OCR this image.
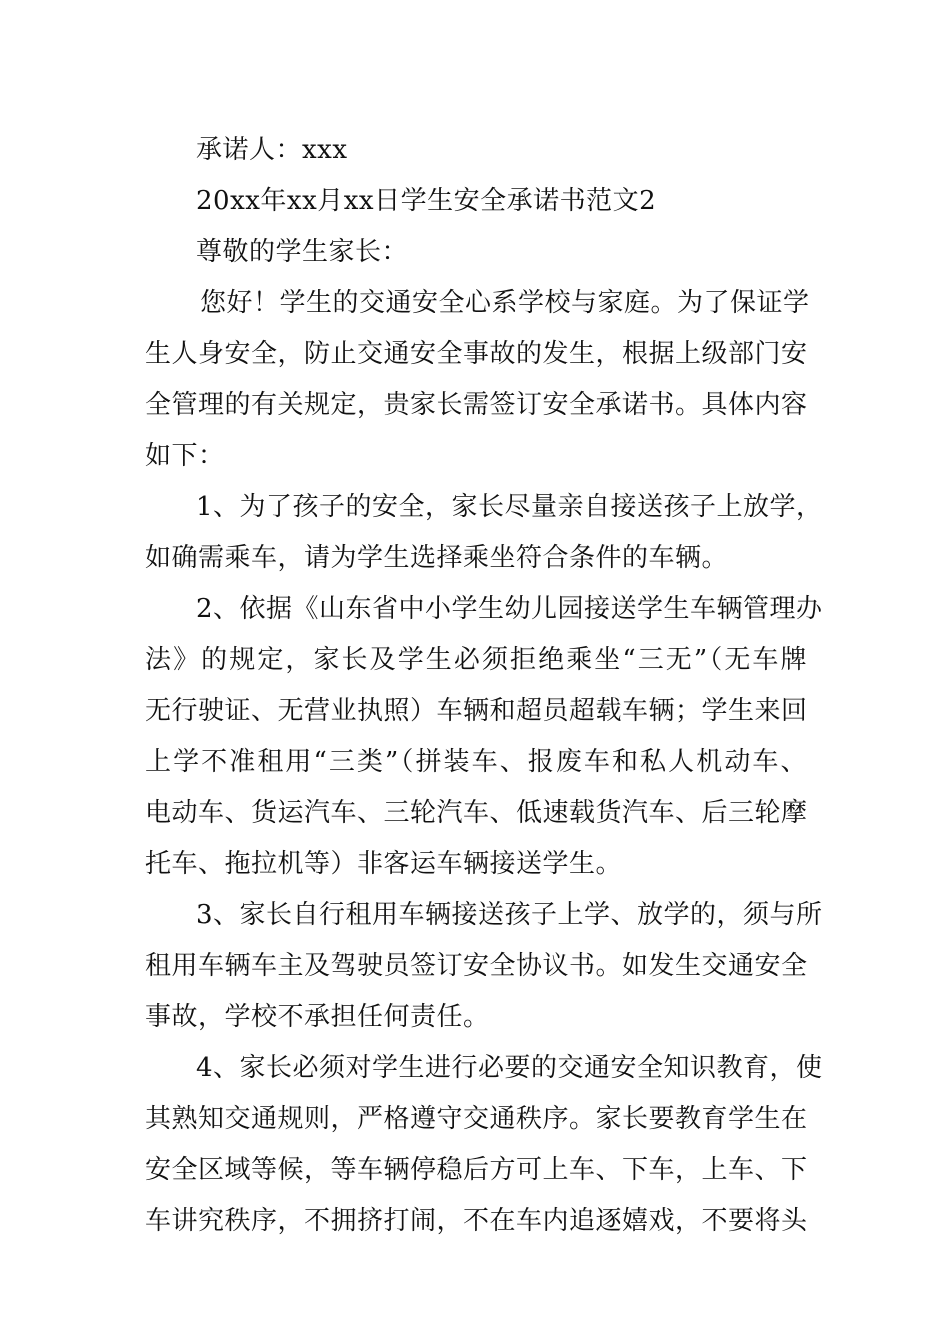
承诺人：xxx
20xx年xx月xx日学生安全承诺书范文2
尊敬的学生家长：
您好！学生的交通安全心系学校与家庭。为了保证学
生人身安全，防止交通安全事故的发生，根据上级部门安
全管理的有关规定，贵家长需签订安全承诺书。具体内容
如下：
1、为了孩子的安全，家长尽量亲自接送孩子上放学，
如确需乘车，请为学生选择乘坐符合条件的车辆。
2、依据《山东省中小学生幼儿园接送学生车辆管理办
法》的规定，家长及学生必须拒绝乘坐“三无”（无车牌
无行驶证、无营业执照）车辆和超员超载车辆；学生来回
上学不准租用“三类”（拼装车、报废车和私人机动车、
电动车、货运汽车、三轮汽车、低速载货汽车、后三轮摩
托车、拖拉机等）非客运车辆接送学生。
3、家长自行租用车辆接送孩子上学、放学的，须与所
租用车辆车主及驾驶员签订安全协议书。如发生交通安全
事故，学校不承担任何责任。
4、家长必须对学生进行必要的交通安全知识教育，使
其熟知交通规则，严格遵守交通秩序。家长要教育学生在
安全区域等候，等车辆停稳后方可上车、下车，上车、下
车讲究秩序，不拥挤打闹，不在车内追逐嬉戏，不要将头
